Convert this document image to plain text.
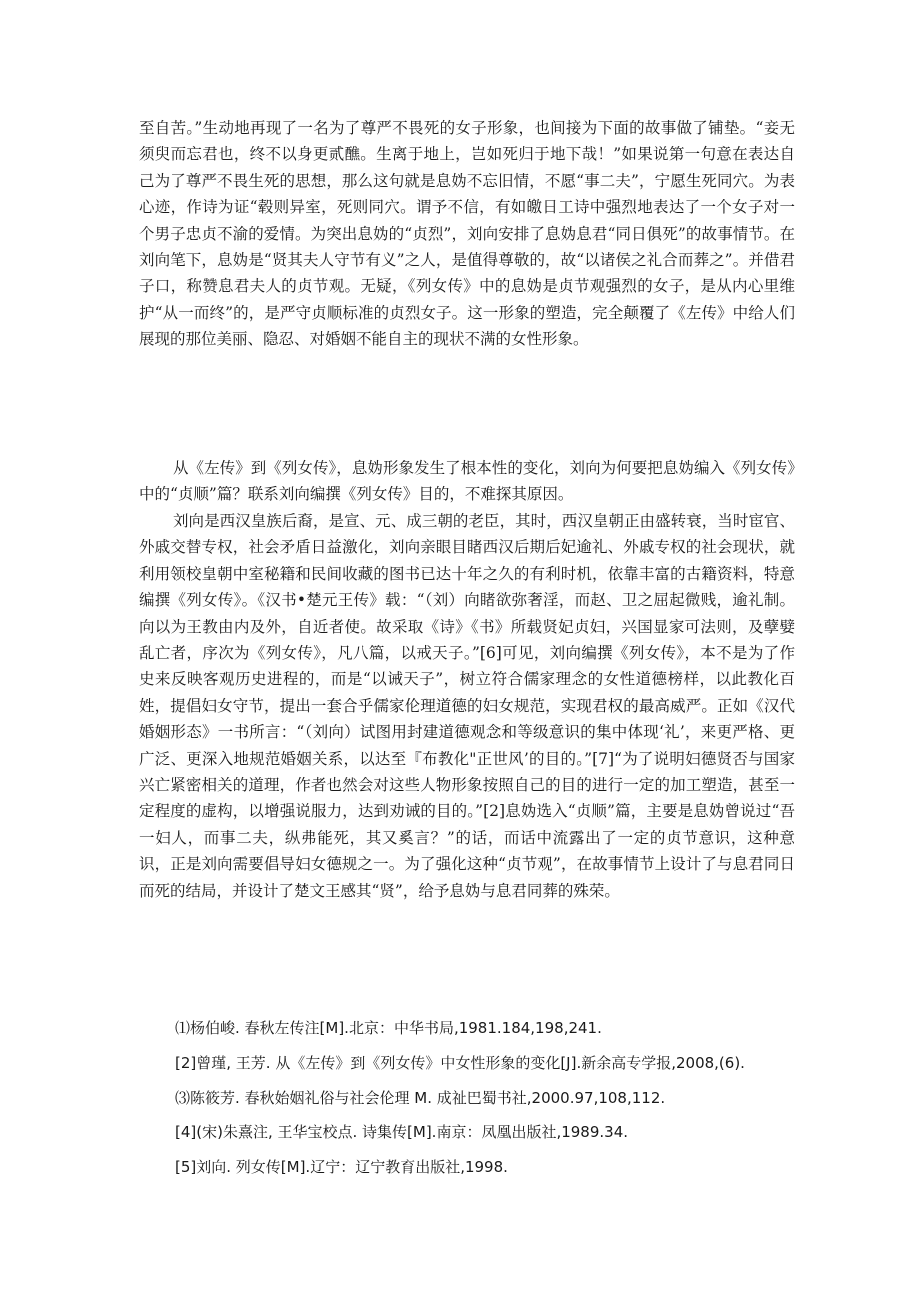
至自苦。”生动地再现了一名为了尊严不畏死的女子形象，也间接为下面的故事做了铺垫。“妾无须臾而忘君也，终不以身更贰醮。生离于地上，岂如死归于地下哉！”如果说第一句意在表达自己为了尊严不畏生死的思想，那么这句就是息妫不忘旧情，不愿“事二夫”，宁愿生死同穴。为表心迹，作诗为证“毂则异室，死则同穴。谓予不信，有如皦日工诗中强烈地表达了一个女子对一个男子忠贞不渝的爱情。为突出息妫的“贞烈”，刘向安排了息妫息君“同日俱死”的故事情节。在刘向笔下，息妫是“贤其夫人守节有义”之人，是值得尊敬的，故“以诸侯之礼合而葬之”。并借君子口，称赞息君夫人的贞节观。无疑，《列女传》中的息妫是贞节观强烈的女子，是从内心里维护“从一而终”的，是严守贞顺标准的贞烈女子。这一形象的塑造，完全颠覆了《左传》中给人们展现的那位美丽、隐忍、对婚姻不能自主的现状不满的女性形象。

从《左传》到《列女传》，息妫形象发生了根本性的变化，刘向为何要把息妫编入《列女传》中的“贞顺”篇？联系刘向编撰《列女传》目的，不难探其原因。

刘向是西汉皇族后裔，是宣、元、成三朝的老臣，其时，西汉皇朝正由盛转衰，当时宦官、外戚交替专权，社会矛盾日益激化，刘向亲眼目睹西汉后期后妃逾礼、外戚专权的社会现状，就利用领校皇朝中室秘籍和民间收藏的图书已达十年之久的有利时机，依靠丰富的古籍资料，特意编撰《列女传》。《汉书•楚元王传》载：“（刘）向睹欲弥奢淫，而赵、卫之屈起微贱，逾礼制。向以为王教由内及外，自近者使。故采取《诗》《书》所载贤妃贞妇，兴国显家可法则，及孽嬖乱亡者，序次为《列女传》，凡八篇，以戒天子。”[6]可见，刘向编撰《列女传》，本不是为了作史来反映客观历史进程的，而是“以诫天子”，树立符合儒家理念的女性道德榜样，以此教化百姓，提倡妇女守节，提出一套合乎儒家伦理道德的妇女规范，实现君权的最高威严。正如《汉代婚姻形态》一书所言：“（刘向）试图用封建道德观念和等级意识的集中体现‘礼’，来更严格、更广泛、更深入地规范婚姻关系，以达至『布教化"正世风’的目的。”[7]“为了说明妇德贤否与国家兴亡紧密相关的道理，作者也然会对这些人物形象按照自己的目的进行一定的加工塑造，甚至一定程度的虚构，以增强说服力，达到劝诫的目的。”[2]息妫选入“贞顺”篇，主要是息妫曾说过“吾一妇人，而事二夫，纵弗能死，其又奚言？”的话，而话中流露出了一定的贞节意识，这种意识，正是刘向需要倡导妇女德规之一。为了强化这种“贞节观”，在故事情节上设计了与息君同日而死的结局，并设计了楚文王感其“贤”，给予息妫与息君同葬的殊荣。

⑴杨伯峻. 春秋左传注[M].北京：中华书局,1981.184,198,241.
[2]曾瑾, 王芳. 从《左传》到《列女传》中女性形象的变化[J].新余高专学报,2008,(6).
⑶陈筱芳. 春秋始姻礼俗与社会伦理 M. 成祉巴蜀书社,2000.97,108,112.
[4](宋)朱熹注, 王华宝校点. 诗集传[M].南京：凤凰出版社,1989.34.
[5]刘向. 列女传[M].辽宁：辽宁教育出版社,1998.
